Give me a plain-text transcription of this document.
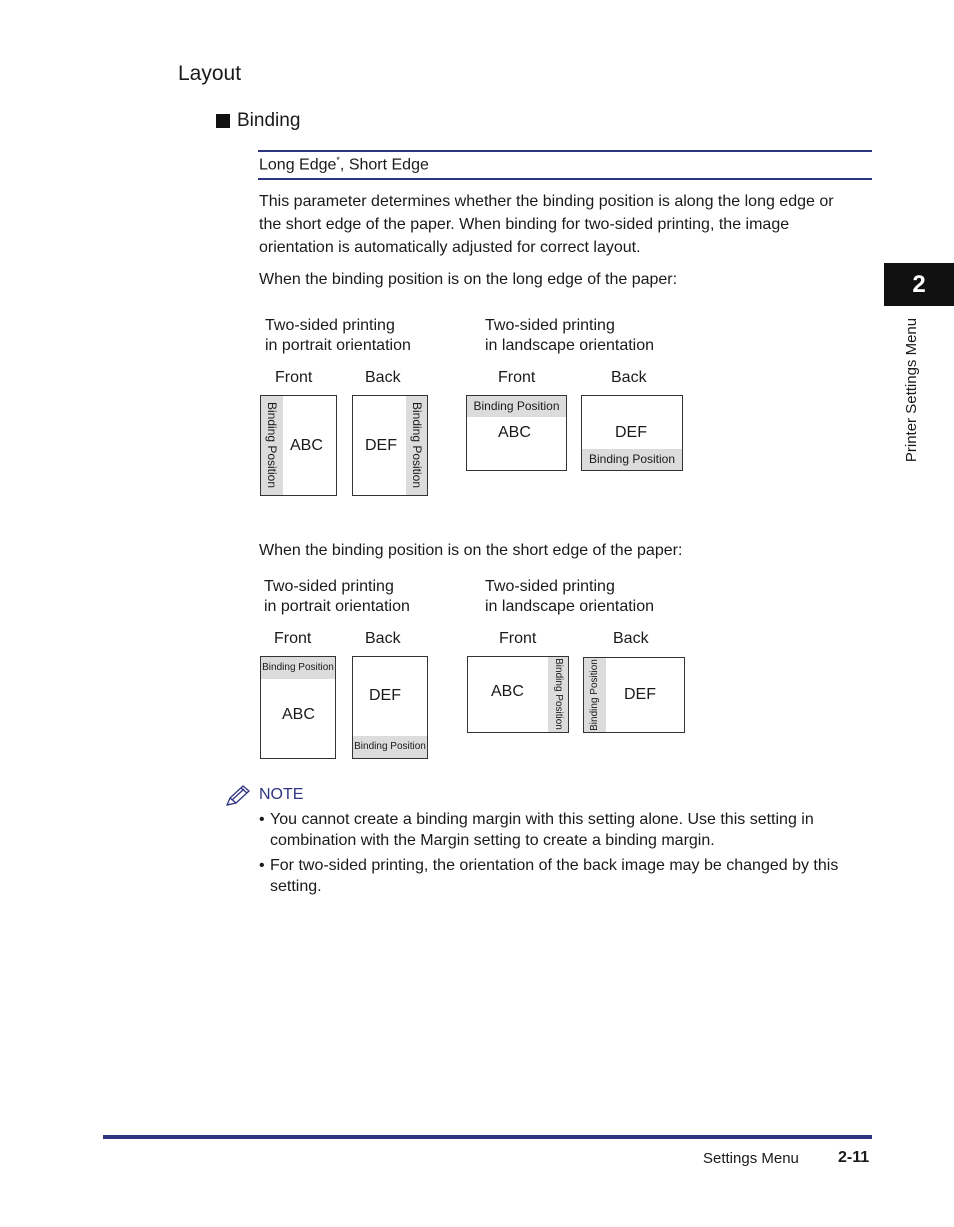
Layout
Binding
Long Edge*, Short Edge
This parameter determines whether the binding position is along the long edge or
the short edge of the paper. When binding for two-sided printing, the image
orientation is automatically adjusted for correct layout.
When the binding position is on the long edge of the paper:
Two-sided printing
in portrait orientation
Two-sided printing
in landscape orientation
Front	Back	Front	Back
Binding Position ABC	DEF Binding Position	Binding Position
ABC	DEF
Binding Position
When the binding position is on the short edge of the paper:
Two-sided printing
in portrait orientation
Two-sided printing
in landscape orientation
Front	Back	Front	Back
Binding Position
ABC
DEF
Binding Position
ABC	Binding Position	Binding Position DEF
NOTE
• You cannot create a binding margin with this setting alone. Use this setting in
combination with the Margin setting to create a binding margin.
• For two-sided printing, the orientation of the back image may be changed by this
setting.
2
Printer Settings Menu
Settings Menu 2-11
